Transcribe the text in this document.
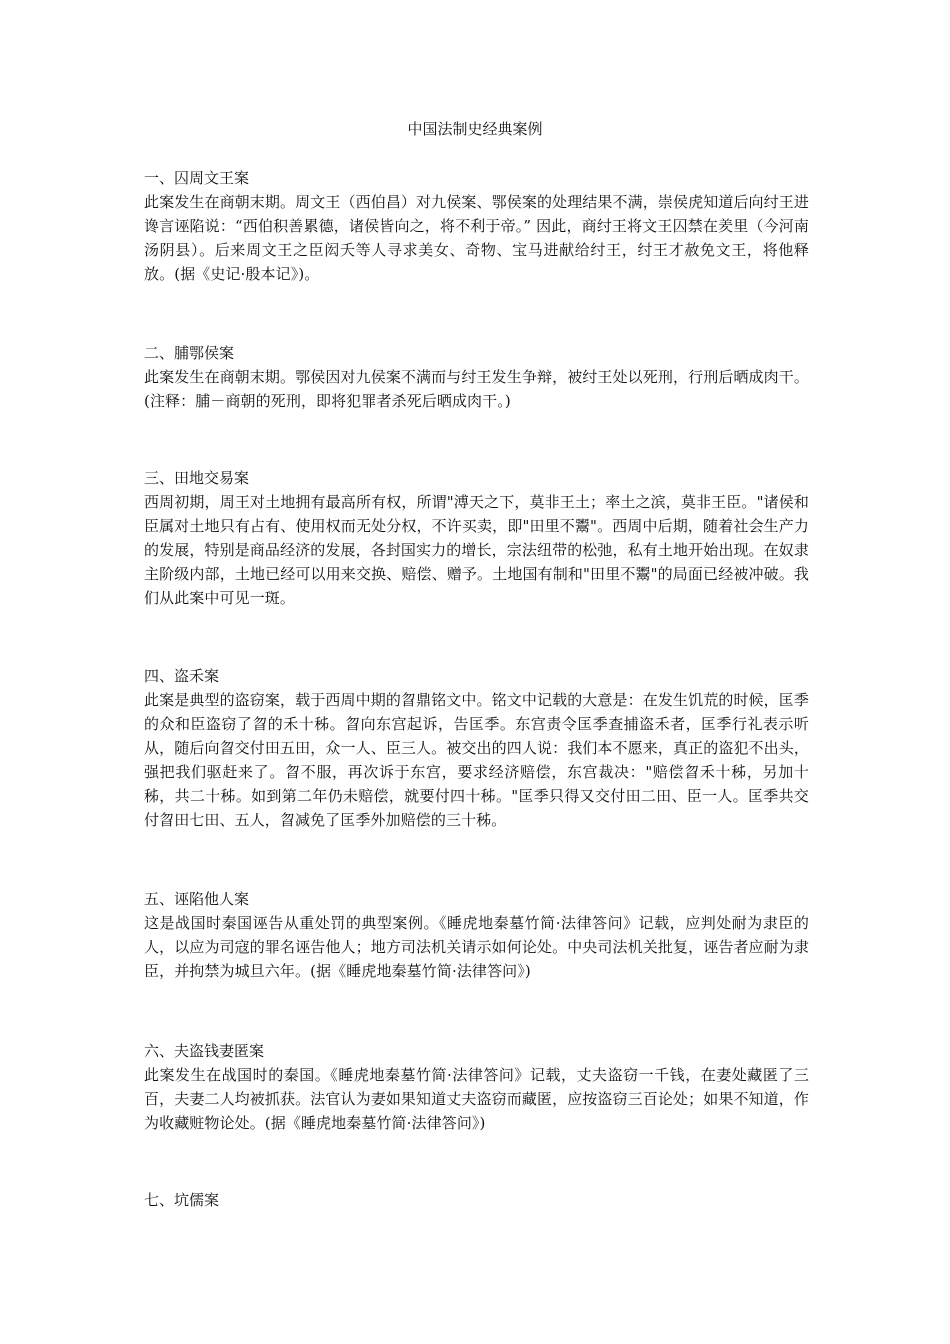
中国法制史经典案例
一、囚周文王案

此案发生在商朝末期。周文王（西伯昌）对九侯案、鄂侯案的处理结果不满，崇侯虎知道后向纣王进谗言诬陷说：“西伯积善累德，诸侯皆向之，将不利于帝。” 因此，商纣王将文王囚禁在羑里（今河南汤阴县）。后来周文王之臣闳夭等人寻求美女、奇物、宝马进献给纣王，纣王才赦免文王，将他释放。(据《史记·殷本记》)。

二、脯鄂侯案

此案发生在商朝末期。鄂侯因对九侯案不满而与纣王发生争辩，被纣王处以死刑，行刑后晒成肉干。    (注释：脯－商朝的死刑，即将犯罪者杀死后晒成肉干。)

三、田地交易案

西周初期，周王对土地拥有最高所有权，所谓"溥天之下，莫非王土；率土之滨，莫非王臣。"诸侯和臣属对土地只有占有、使用权而无处分权，不许买卖，即"田里不鬻"。西周中后期，随着社会生产力的发展，特别是商品经济的发展，各封国实力的增长，宗法纽带的松弛，私有土地开始出现。在奴隶主阶级内部，土地已经可以用来交换、赔偿、赠予。土地国有制和"田里不鬻"的局面已经被冲破。我们从此案中可见一斑。

四、盗禾案

此案是典型的盗窃案，载于西周中期的曶鼎铭文中。铭文中记载的大意是：在发生饥荒的时候，匡季的众和臣盗窃了曶的禾十秭。曶向东宫起诉，告匡季。东宫责令匡季查捕盗禾者，匡季行礼表示听从，随后向曶交付田五田，众一人、臣三人。被交出的四人说：我们本不愿来，真正的盗犯不出头，强把我们驱赶来了。曶不服，再次诉于东宫，要求经济赔偿，东宫裁决："赔偿曶禾十秭，另加十秭，共二十秭。如到第二年仍未赔偿，就要付四十秭。"匡季只得又交付田二田、臣一人。匡季共交付曶田七田、五人，曶减免了匡季外加赔偿的三十秭。

五、诬陷他人案

这是战国时秦国诬告从重处罚的典型案例。《睡虎地秦墓竹简·法律答问》记载，应判处耐为隶臣的人，以应为司寇的罪名诬告他人；地方司法机关请示如何论处。中央司法机关批复，诬告者应耐为隶臣，并拘禁为城旦六年。(据《睡虎地秦墓竹简·法律答问》)

六、夫盗钱妻匿案

此案发生在战国时的秦国。《睡虎地秦墓竹简·法律答问》记载，丈夫盗窃一千钱，在妻处藏匿了三百，夫妻二人均被抓获。法官认为妻如果知道丈夫盗窃而藏匿，应按盗窃三百论处；如果不知道，作为收藏赃物论处。(据《睡虎地秦墓竹简·法律答问》)

七、坑儒案
